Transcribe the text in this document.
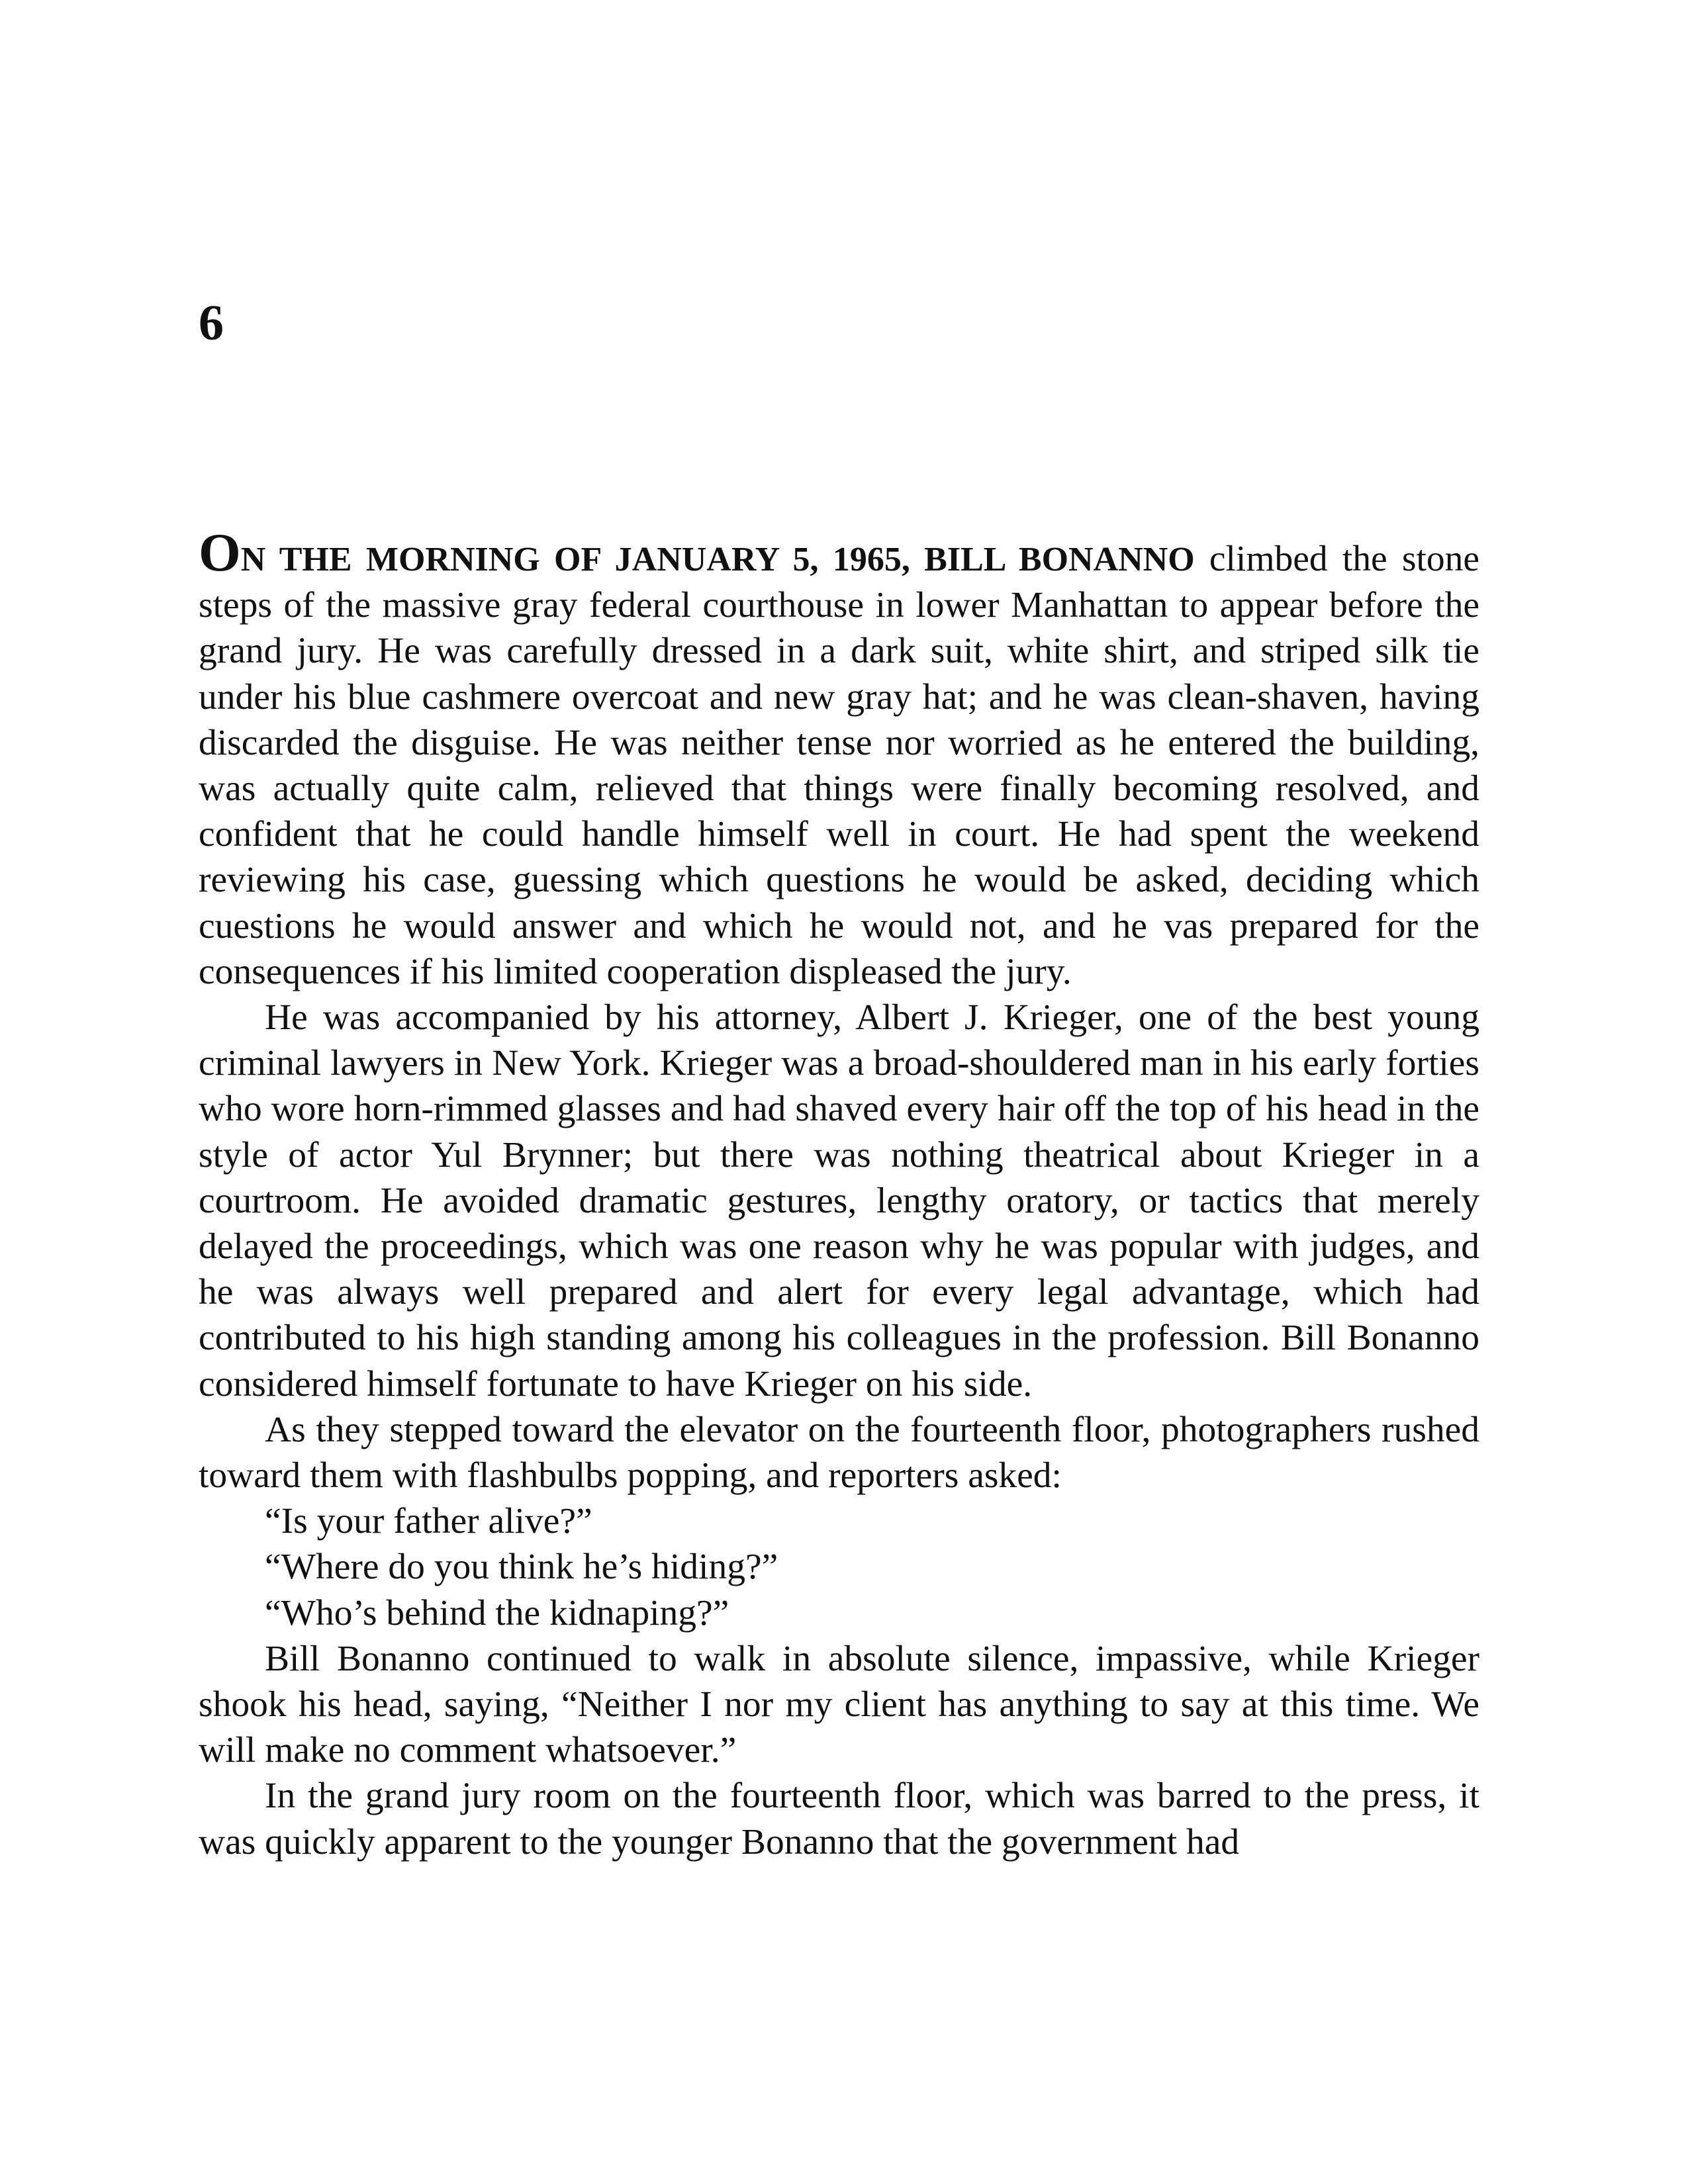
6

ON THE MORNING OF JANUARY 5, 1965, BILL BONANNO climbed the stone steps of the massive gray federal courthouse in lower Manhattan to appear before the grand jury. He was carefully dressed in a dark suit, white shirt, and striped silk tie under his blue cashmere overcoat and new gray hat; and he was clean-shaven, having discarded the disguise. He was neither tense nor worried as he entered the building, was actually quite calm, relieved that things were finally becoming resolved, and confident that he could handle himself well in court. He had spent the weekend reviewing his case, guessing which questions he would be asked, deciding which cuestions he would answer and which he would not, and he vas prepared for the consequences if his limited cooperation displeased the jury.

He was accompanied by his attorney, Albert J. Krieger, one of the best young criminal lawyers in New York. Krieger was a broad-shouldered man in his early forties who wore horn-rimmed glasses and had shaved every hair off the top of his head in the style of actor Yul Brynner; but there was nothing theatrical about Krieger in a courtroom. He avoided dramatic gestures, lengthy oratory, or tactics that merely delayed the proceedings, which was one reason why he was popular with judges, and he was always well prepared and alert for every legal advantage, which had contributed to his high standing among his colleagues in the profession. Bill Bonanno considered himself fortunate to have Krieger on his side.

As they stepped toward the elevator on the fourteenth floor, photographers rushed toward them with flashbulbs popping, and reporters asked:

“Is your father alive?”

“Where do you think he’s hiding?”

“Who’s behind the kidnaping?”

Bill Bonanno continued to walk in absolute silence, impassive, while Krieger shook his head, saying, “Neither I nor my client has anything to say at this time. We will make no comment whatsoever.”

In the grand jury room on the fourteenth floor, which was barred to the press, it was quickly apparent to the younger Bonanno that the government had
